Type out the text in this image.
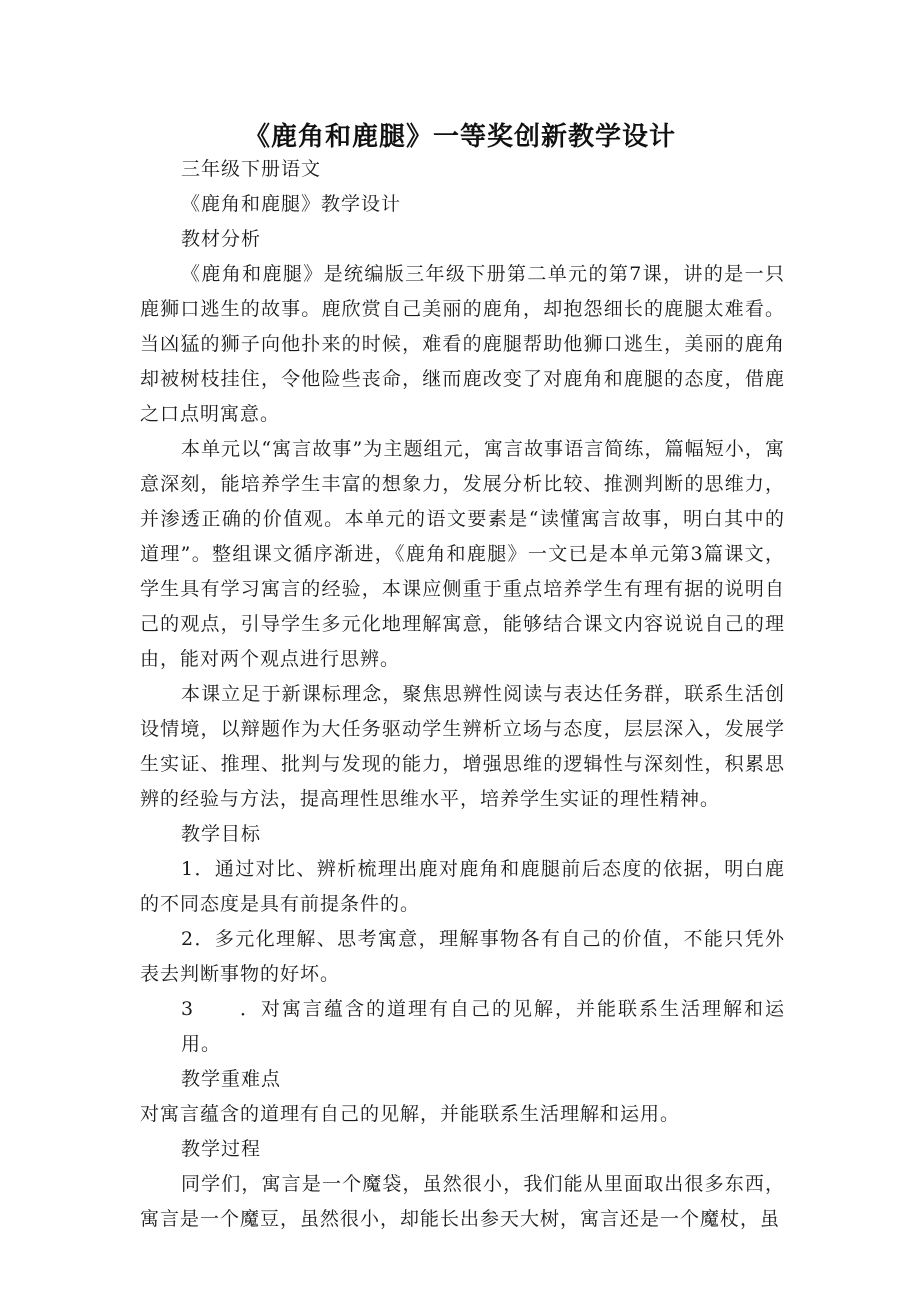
《鹿角和鹿腿》一等奖创新教学设计

三年级下册语文

《鹿角和鹿腿》教学设计

教材分析

《鹿角和鹿腿》是统编版三年级下册第二单元的第7课，讲的是一只鹿狮口逃生的故事。鹿欣赏自己美丽的鹿角，却抱怨细长的鹿腿太难看。当凶猛的狮子向他扑来的时候，难看的鹿腿帮助他狮口逃生，美丽的鹿角却被树枝挂住，令他险些丧命，继而鹿改变了对鹿角和鹿腿的态度，借鹿之口点明寓意。

本单元以“寓言故事”为主题组元，寓言故事语言简练，篇幅短小，寓意深刻，能培养学生丰富的想象力，发展分析比较、推测判断的思维力，并渗透正确的价值观。本单元的语文要素是“读懂寓言故事，明白其中的道理”。整组课文循序渐进，《鹿角和鹿腿》一文已是本单元第3篇课文，学生具有学习寓言的经验，本课应侧重于重点培养学生有理有据的说明自己的观点，引导学生多元化地理解寓意，能够结合课文内容说说自己的理由，能对两个观点进行思辨。

本课立足于新课标理念，聚焦思辨性阅读与表达任务群，联系生活创设情境，以辩题作为大任务驱动学生辨析立场与态度，层层深入，发展学生实证、推理、批判与发现的能力，增强思维的逻辑性与深刻性，积累思辨的经验与方法，提高理性思维水平，培养学生实证的理性精神。

教学目标

1．通过对比、辨析梳理出鹿对鹿角和鹿腿前后态度的依据，明白鹿的不同态度是具有前提条件的。

2．多元化理解、思考寓意，理解事物各有自己的价值，不能只凭外表去判断事物的好坏。

3 ．对寓言蕴含的道理有自己的见解，并能联系生活理解和运用。

教学重难点

对寓言蕴含的道理有自己的见解，并能联系生活理解和运用。

教学过程

同学们，寓言是一个魔袋，虽然很小，我们能从里面取出很多东西，寓言是一个魔豆，虽然很小，却能长出参天大树，寓言还是一个魔杖，虽
